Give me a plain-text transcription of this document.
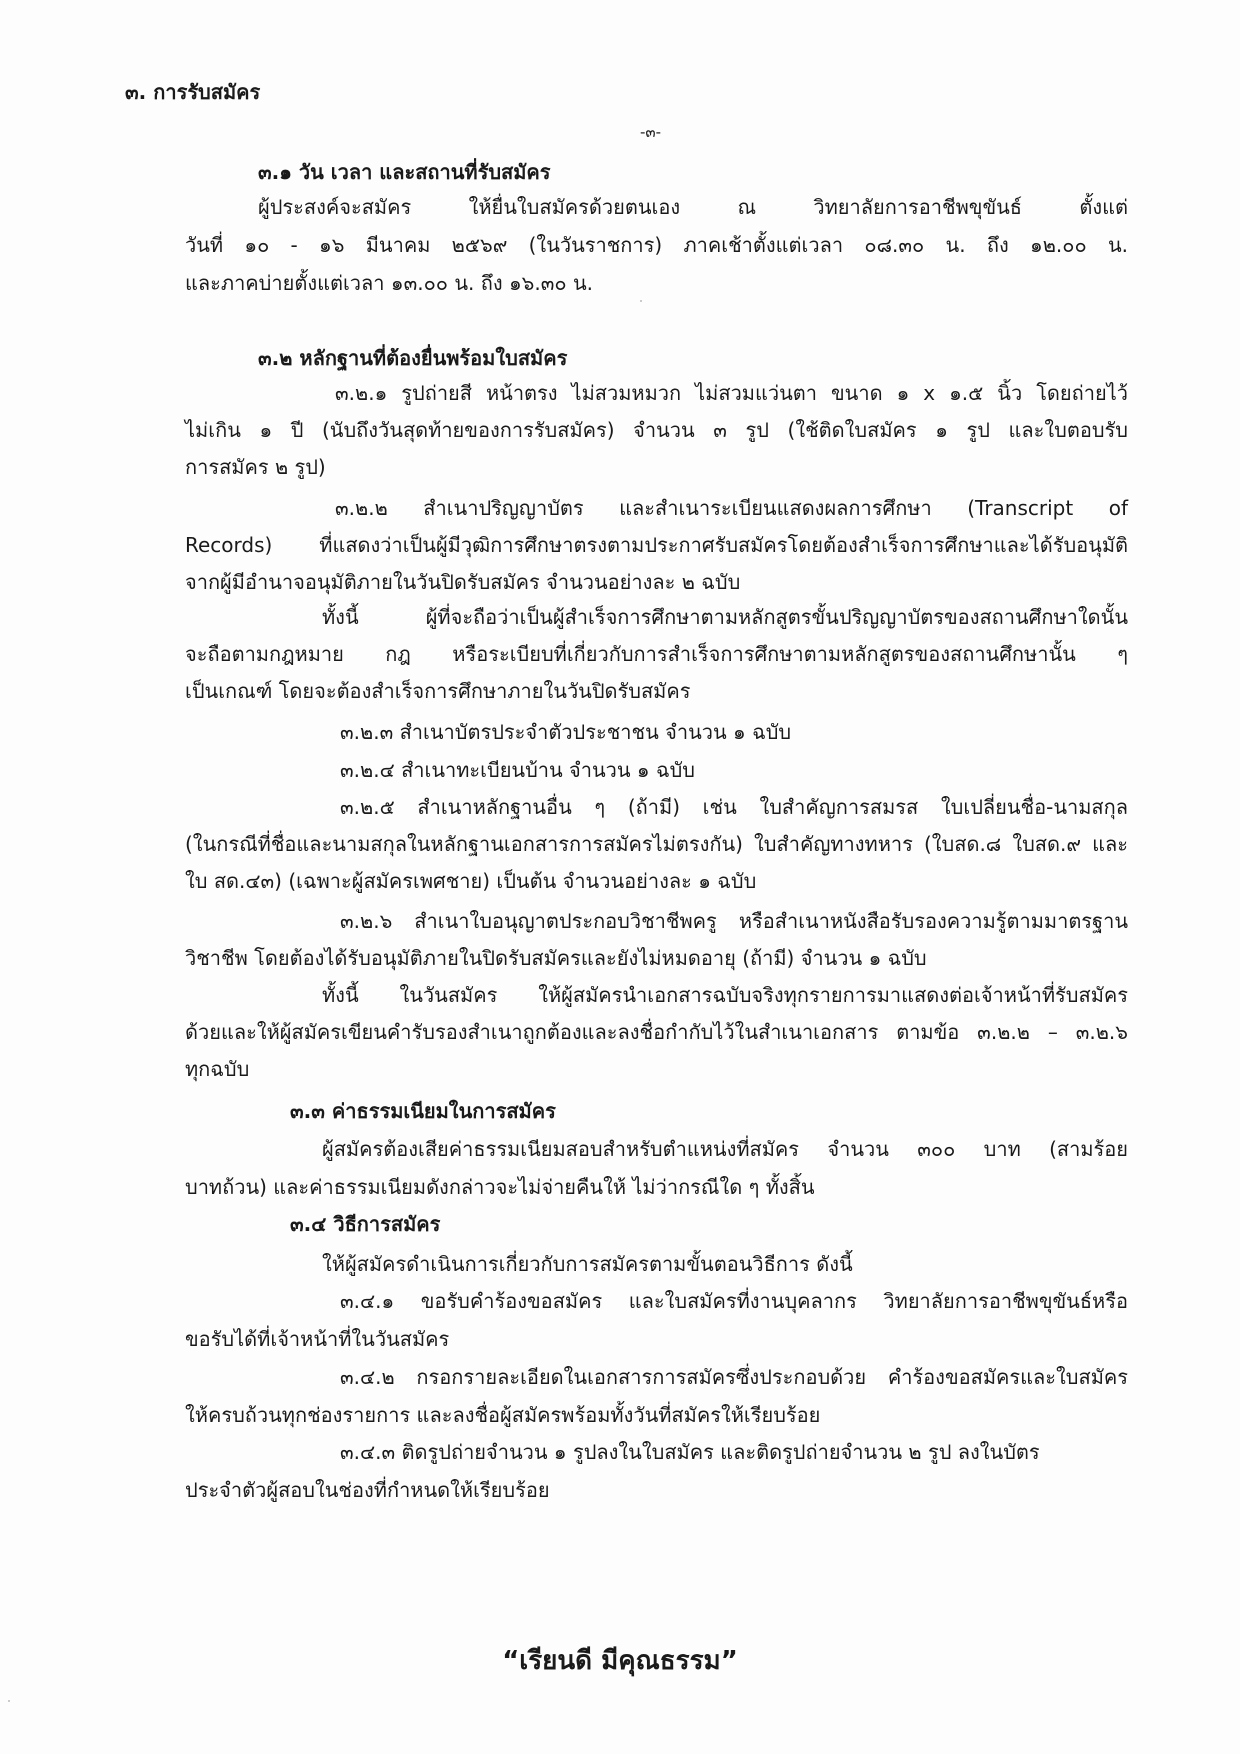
๓. การรับสมัคร
-๓-
๓.๑ วัน เวลา และสถานที่รับสมัคร
ผู้ประสงค์จะสมัคร ให้ยื่นใบสมัครด้วยตนเอง ณ วิทยาลัยการอาชีพขุขันธ์ ตั้งแต่
วันที่ ๑๐ - ๑๖ มีนาคม ๒๕๖๙ (ในวันราชการ) ภาคเช้าตั้งแต่เวลา ๐๘.๓๐ น. ถึง ๑๒.๐๐ น.
และภาคบ่ายตั้งแต่เวลา ๑๓.๐๐ น. ถึง ๑๖.๓๐ น.
๓.๒ หลักฐานที่ต้องยื่นพร้อมใบสมัคร
๓.๒.๑ รูปถ่ายสี หน้าตรง ไม่สวมหมวก ไม่สวมแว่นตา ขนาด ๑ x ๑.๕ นิ้ว โดยถ่ายไว้
ไม่เกิน ๑ ปี (นับถึงวันสุดท้ายของการรับสมัคร) จำนวน ๓ รูป (ใช้ติดใบสมัคร ๑ รูป และใบตอบรับ
การสมัคร ๒ รูป)
๓.๒.๒ สำเนาปริญญาบัตร และสำเนาระเบียนแสดงผลการศึกษา (Transcript of
Records) ที่แสดงว่าเป็นผู้มีวุฒิการศึกษาตรงตามประกาศรับสมัครโดยต้องสำเร็จการศึกษาและได้รับอนุมัติ
จากผู้มีอำนาจอนุมัติภายในวันปิดรับสมัคร จำนวนอย่างละ ๒ ฉบับ
ทั้งนี้ ผู้ที่จะถือว่าเป็นผู้สำเร็จการศึกษาตามหลักสูตรขั้นปริญญาบัตรของสถานศึกษาใดนั้น
จะถือตามกฎหมาย กฎ หรือระเบียบที่เกี่ยวกับการสำเร็จการศึกษาตามหลักสูตรของสถานศึกษานั้น ๆ
เป็นเกณฑ์ โดยจะต้องสำเร็จการศึกษาภายในวันปิดรับสมัคร
๓.๒.๓ สำเนาบัตรประจำตัวประชาชน จำนวน ๑ ฉบับ
๓.๒.๔ สำเนาทะเบียนบ้าน จำนวน ๑ ฉบับ
๓.๒.๕ สำเนาหลักฐานอื่น ๆ (ถ้ามี) เช่น ใบสำคัญการสมรส ใบเปลี่ยนชื่อ-นามสกุล
(ในกรณีที่ชื่อและนามสกุลในหลักฐานเอกสารการสมัครไม่ตรงกัน) ใบสำคัญทางทหาร (ใบสด.๘ ใบสด.๙ และ
ใบ สด.๔๓) (เฉพาะผู้สมัครเพศชาย) เป็นต้น จำนวนอย่างละ ๑ ฉบับ
๓.๒.๖ สำเนาใบอนุญาตประกอบวิชาชีพครู หรือสำเนาหนังสือรับรองความรู้ตามมาตรฐาน
วิชาชีพ โดยต้องได้รับอนุมัติภายในปิดรับสมัครและยังไม่หมดอายุ (ถ้ามี) จำนวน ๑ ฉบับ
ทั้งนี้ ในวันสมัคร ให้ผู้สมัครนำเอกสารฉบับจริงทุกรายการมาแสดงต่อเจ้าหน้าที่รับสมัคร
ด้วยและให้ผู้สมัครเขียนคำรับรองสำเนาถูกต้องและลงชื่อกำกับไว้ในสำเนาเอกสาร ตามข้อ ๓.๒.๒ – ๓.๒.๖
ทุกฉบับ
๓.๓ ค่าธรรมเนียมในการสมัคร
ผู้สมัครต้องเสียค่าธรรมเนียมสอบสำหรับตำแหน่งที่สมัคร จำนวน ๓๐๐ บาท (สามร้อย
บาทถ้วน) และค่าธรรมเนียมดังกล่าวจะไม่จ่ายคืนให้ ไม่ว่ากรณีใด ๆ ทั้งสิ้น
๓.๔ วิธีการสมัคร
ให้ผู้สมัครดำเนินการเกี่ยวกับการสมัครตามขั้นตอนวิธีการ ดังนี้
๓.๔.๑ ขอรับคำร้องขอสมัคร และใบสมัครที่งานบุคลากร วิทยาลัยการอาชีพขุขันธ์หรือ
ขอรับได้ที่เจ้าหน้าที่ในวันสมัคร
๓.๔.๒ กรอกรายละเอียดในเอกสารการสมัครซึ่งประกอบด้วย คำร้องขอสมัครและใบสมัคร
ให้ครบถ้วนทุกช่องรายการ และลงชื่อผู้สมัครพร้อมทั้งวันที่สมัครให้เรียบร้อย
๓.๔.๓ ติดรูปถ่ายจำนวน ๑ รูปลงในใบสมัคร และติดรูปถ่ายจำนวน ๒ รูป ลงในบัตร
ประจำตัวผู้สอบในช่องที่กำหนดให้เรียบร้อย
“เรียนดี มีคุณธรรม”
